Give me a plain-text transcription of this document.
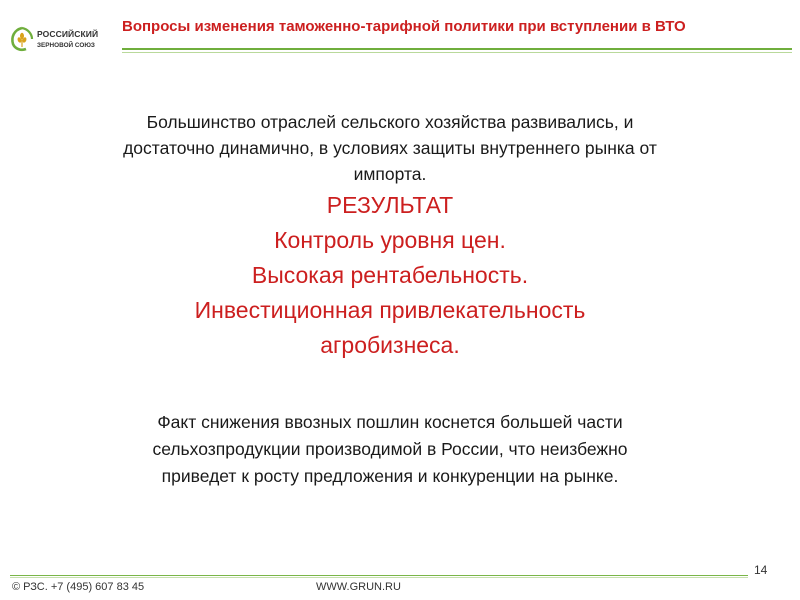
РОССИЙСКИЙ
ЗЕРНОВОЙ СОЮЗ
Вопросы изменения таможенно-тарифной политики при вступлении в ВТО
Большинство отраслей сельского хозяйства развивались, и
достаточно динамично, в условиях защиты внутреннего рынка от
импорта.
РЕЗУЛЬТАТ
Контроль уровня цен.
Высокая рентабельность.
Инвестиционная привлекательность
агробизнеса.
Факт снижения ввозных пошлин коснется большей части
сельхозпродукции производимой в России, что неизбежно
приведет к росту предложения и конкуренции на рынке.
14
© РЗС. +7 (495) 607 83 45	WWW.GRUN.RU
